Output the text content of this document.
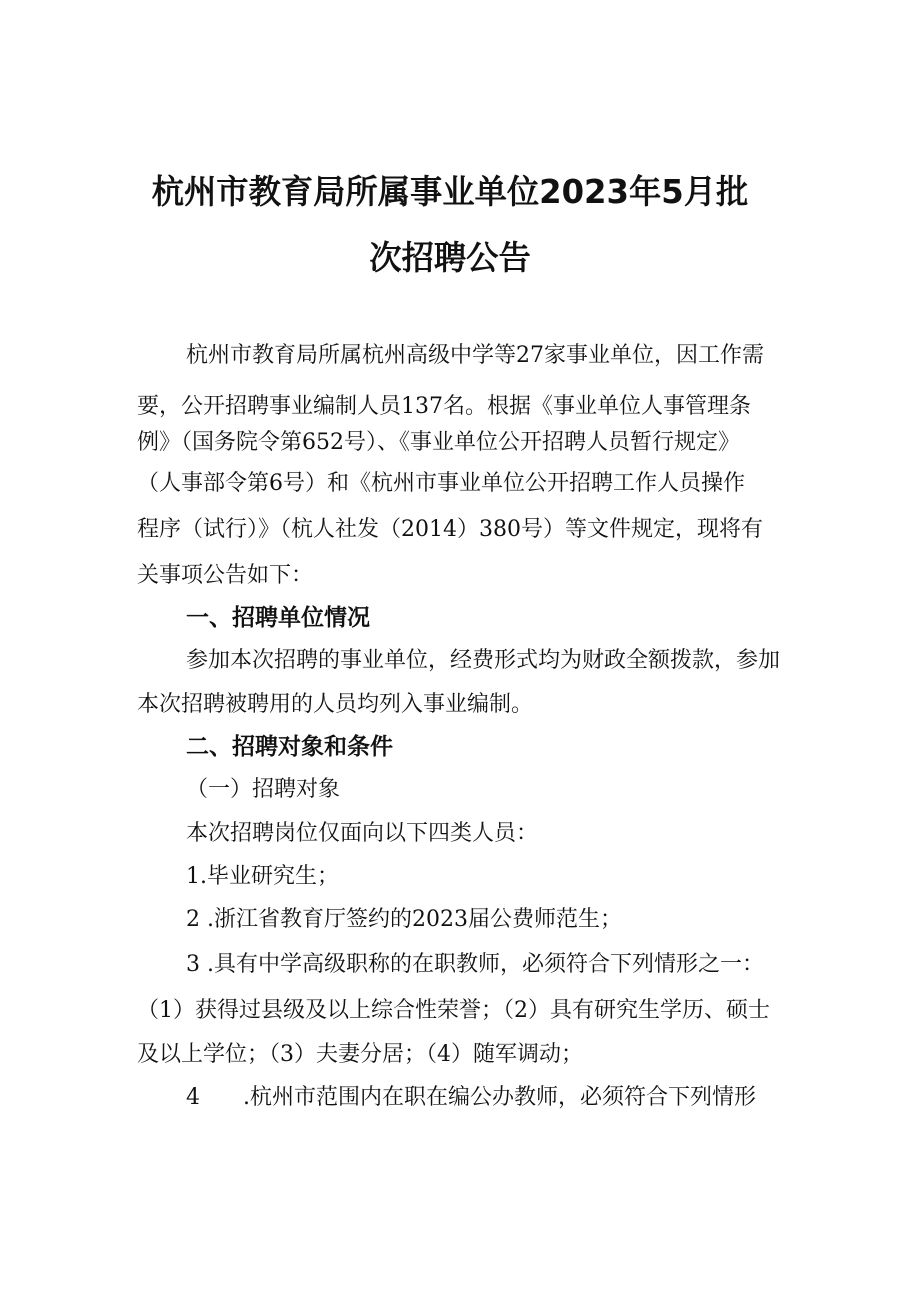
杭州市教育局所属事业单位2023年5月批
次招聘公告
杭州市教育局所属杭州高级中学等27家事业单位，因工作需
要，公开招聘事业编制人员137名。根据《事业单位人事管理条
例》（国务院令第652号）、《事业单位公开招聘人员暂行规定》
（人事部令第6号）和《杭州市事业单位公开招聘工作人员操作
程序（试行）》（杭人社发（2014）380号）等文件规定，现将有
关事项公告如下：
一、招聘单位情况
参加本次招聘的事业单位，经费形式均为财政全额拨款，参加
本次招聘被聘用的人员均列入事业编制。
二、招聘对象和条件
（一）招聘对象
本次招聘岗位仅面向以下四类人员：
1.毕业研究生；
2 .浙江省教育厅签约的2023届公费师范生；
3 .具有中学高级职称的在职教师，必须符合下列情形之一：
（1）获得过县级及以上综合性荣誉；（2）具有研究生学历、硕士
及以上学位；（3）夫妻分居；（4）随军调动；
4 .杭州市范围内在职在编公办教师，必须符合下列情形
